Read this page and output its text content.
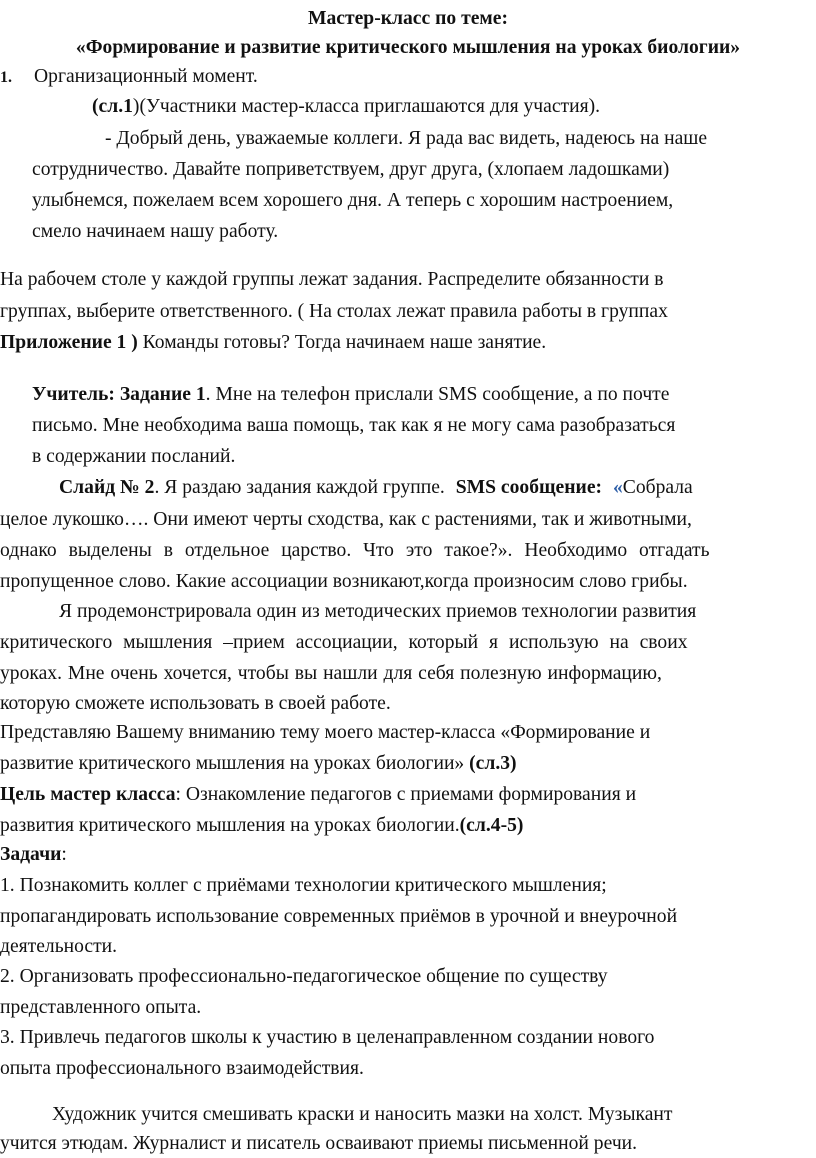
Мастер-класс по теме:
«Формирование и развитие критического мышления на уроках биологии»
1. Организационный момент.
(сл.1)(Участники мастер-класса приглашаются для участия).
- Добрый день, уважаемые коллеги. Я рада вас видеть, надеюсь на наше
сотрудничество. Давайте поприветствуем, друг друга, (хлопаем ладошками)
улыбнемся, пожелаем всем хорошего дня. А теперь с хорошим настроением,
смело начинаем нашу работу.
На рабочем столе у каждой группы лежат задания. Распределите обязанности в
группах, выберите ответственного. ( На столах лежат правила работы в группах
Приложение 1 ) Команды готовы? Тогда начинаем наше занятие.
Учитель: Задание 1. Мне на телефон прислали SMS сообщение, а по почте
письмо. Мне необходима ваша помощь, так как я не могу сама разобразаться
в содержании посланий.
Слайд № 2. Я раздаю задания каждой группе. SMS сообщение: «Собрала
целое лукошко…. Они имеют черты сходства, как с растениями, так и животными,
однако выделены в отдельное царство. Что это такое?». Необходимо отгадать
пропущенное слово. Какие ассоциации возникают,когда произносим слово грибы.
Я продемонстрировала один из методических приемов технологии развития
критического мышления –прием ассоциации, который я использую на своих
уроках. Мне очень хочется, чтобы вы нашли для себя полезную информацию,
которую сможете использовать в своей работе.
Представляю Вашему вниманию тему моего мастер-класса «Формирование и
развитие критического мышления на уроках биологии» (сл.3)
Цель мастер класса: Ознакомление педагогов с приемами формирования и
развития критического мышления на уроках биологии.(сл.4-5)
Задачи:
1. Познакомить коллег с приёмами технологии критического мышления;
пропагандировать использование современных приёмов в урочной и внеурочной
деятельности.
2. Организовать профессионально-педагогическое общение по существу
представленного опыта.
3. Привлечь педагогов школы к участию в целенаправленном создании нового
опыта профессионального взаимодействия.
Художник учится смешивать краски и наносить мазки на холст. Музыкант
учится этюдам. Журналист и писатель осваивают приемы письменной речи.
